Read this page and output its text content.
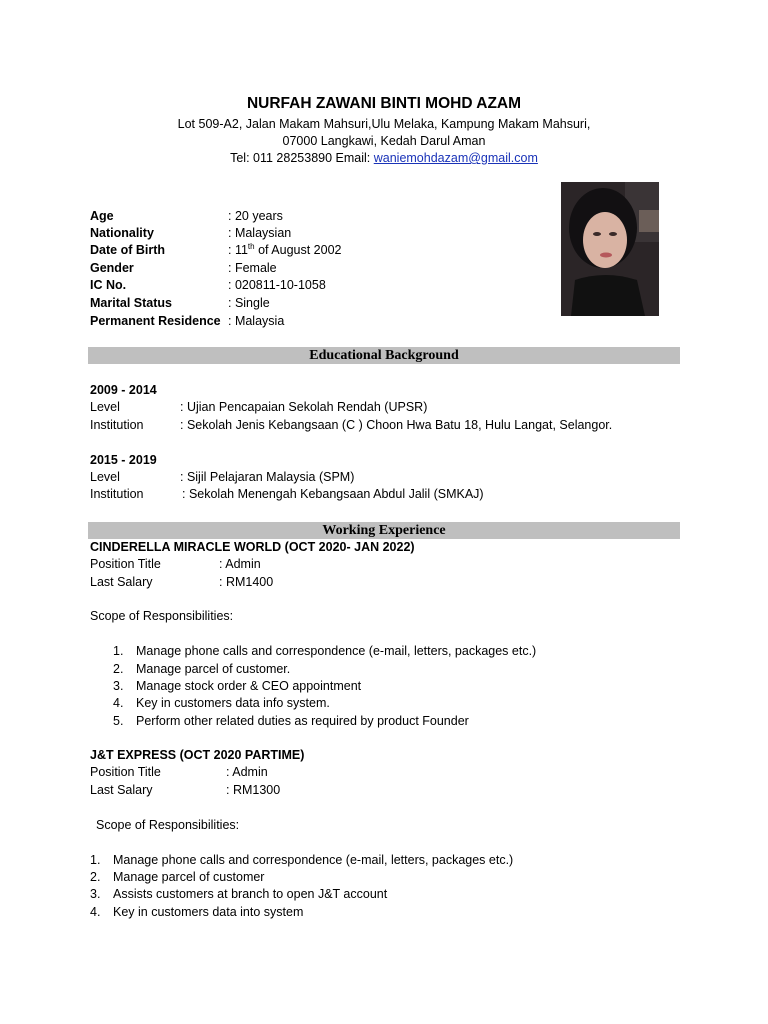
NURFAH ZAWANI BINTI MOHD AZAM
Lot 509-A2, Jalan Makam Mahsuri,Ulu Melaka, Kampung Makam Mahsuri,
07000 Langkawi, Kedah Darul Aman
Tel: 011 28253890 Email: waniemohdazam@gmail.com
Age	: 20 years
Nationality	: Malaysian
Date of Birth	: 11th of August 2002
Gender	: Female
IC No.	: 020811-10-1058
Marital Status	: Single
Permanent Residence : Malaysia
Educational Background
2009 - 2014
Level	: Ujian Pencapaian Sekolah Rendah (UPSR)
Institution	: Sekolah Jenis Kebangsaan (C ) Choon Hwa Batu 18, Hulu Langat, Selangor.
2015 - 2019
Level	: Sijil Pelajaran Malaysia (SPM)
Institution	: Sekolah Menengah Kebangsaan Abdul Jalil (SMKAJ)
Working Experience
CINDERELLA MIRACLE WORLD (OCT 2020- JAN 2022)
Position Title	: Admin
Last Salary	: RM1400
Scope of Responsibilities:
1. Manage phone calls and correspondence (e-mail, letters, packages etc.)
2. Manage parcel of customer.
3. Manage stock order & CEO appointment
4. Key in customers data info system.
5. Perform other related duties as required by product Founder
J&T EXPRESS (OCT 2020 PARTIME)
Position Title	: Admin
Last Salary	: RM1300
Scope of Responsibilities:
1. Manage phone calls and correspondence (e-mail, letters, packages etc.)
2. Manage parcel of customer
3. Assists customers at branch to open J&T account
4. Key in customers data into system
